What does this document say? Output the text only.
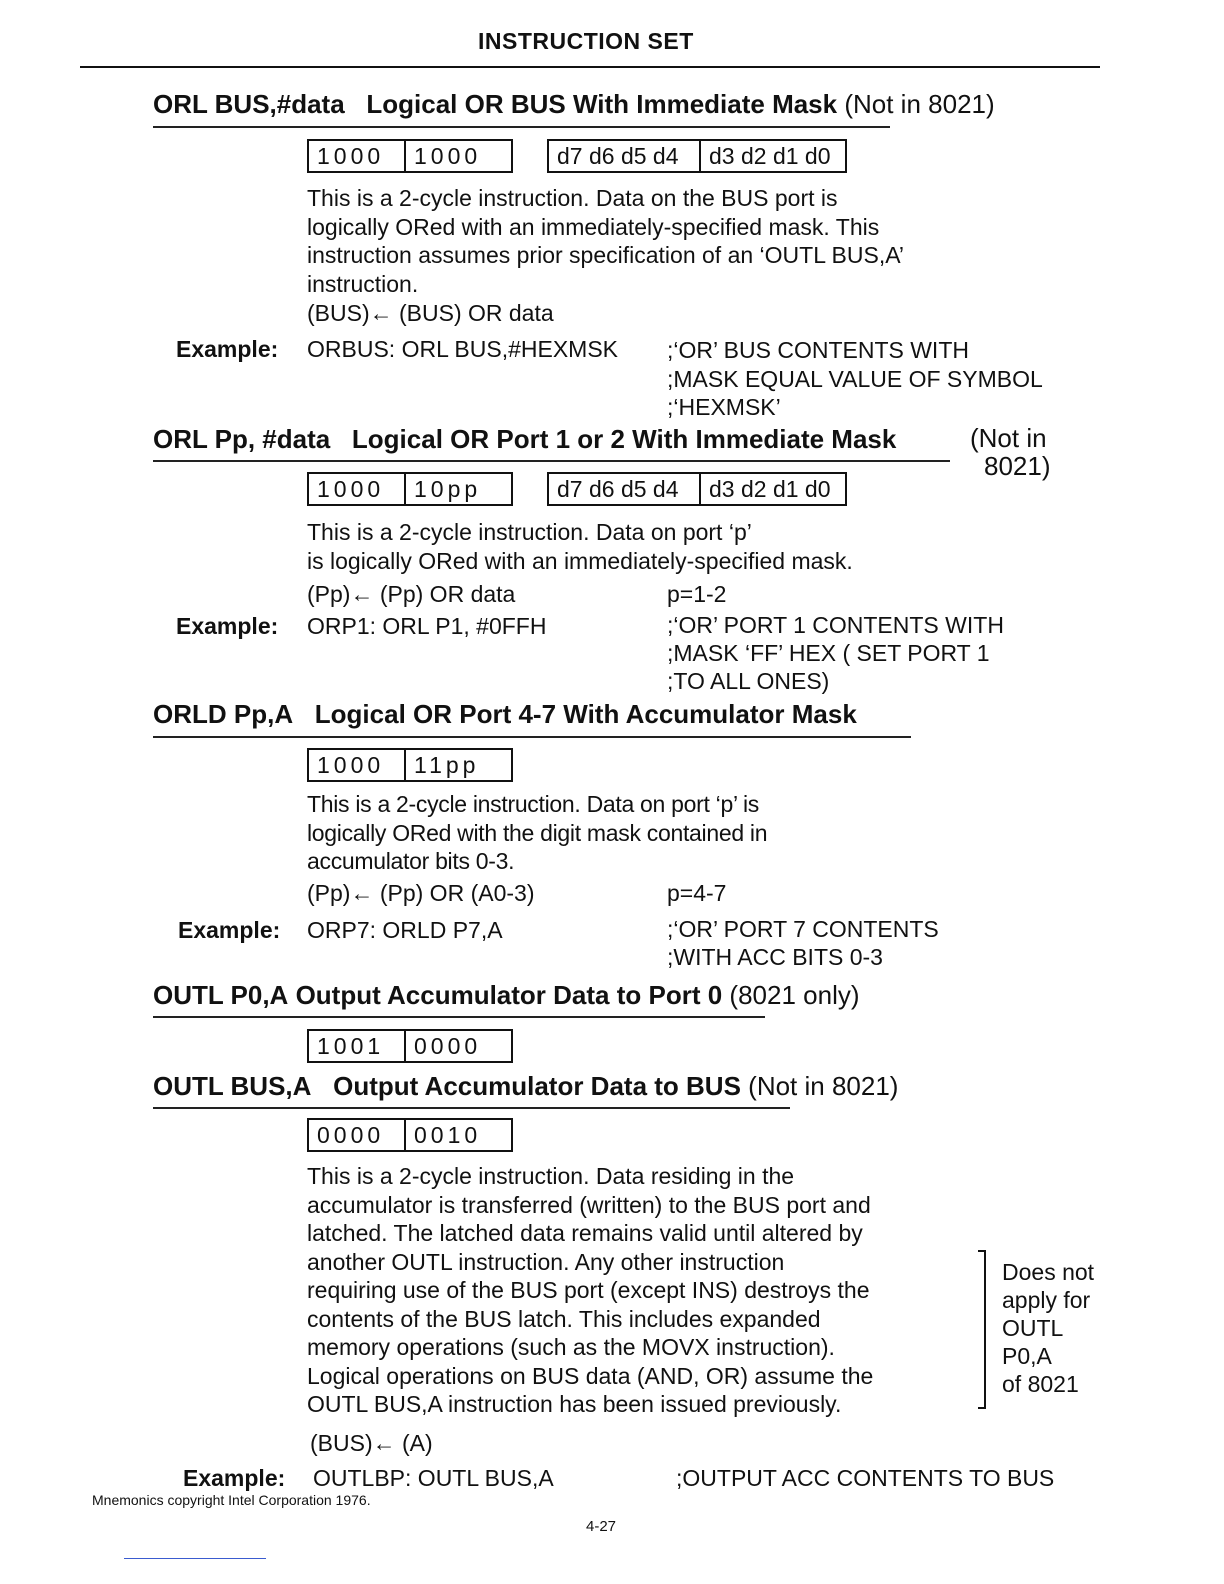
INSTRUCTION SET
ORL BUS,#data Logical OR BUS With Immediate Mask (Not in 8021)
1000	1000	d7 d6 d5 d4	d3 d2 d1 d0
This is a 2-cycle instruction. Data on the BUS port is
logically ORed with an immediately-specified mask. This
instruction assumes prior specification of an ‘OUTL BUS,A’
instruction.
(BUS)← (BUS) OR data
Example: ORBUS: ORL BUS,#HEXMSK ;‘OR’ BUS CONTENTS WITH
;MASK EQUAL VALUE OF SYMBOL
;‘HEXMSK’
ORL Pp, #data Logical OR Port 1 or 2 With Immediate Mask	(Not in
8021)
1000	10pp	d7 d6 d5 d4	d3 d2 d1 d0
This is a 2-cycle instruction. Data on port ‘p’
is logically ORed with an immediately-specified mask.
(Pp)← (Pp) OR data	p=1-2
Example: ORP1: ORL P1, #0FFH	;‘OR’ PORT 1 CONTENTS WITH
;MASK ‘FF’ HEX ( SET PORT 1
;TO ALL ONES)
ORLD Pp,A Logical OR Port 4-7 With Accumulator Mask
1000	11pp
This is a 2-cycle instruction. Data on port ‘p’ is
logically ORed with the digit mask contained in
accumulator bits 0-3.
(Pp)← (Pp) OR (A0-3)	p=4-7
Example: ORP7: ORLD P7,A	;‘OR’ PORT 7 CONTENTS
;WITH ACC BITS 0-3
OUTL P0,A Output Accumulator Data to Port 0 (8021 only)
1001	0000
OUTL BUS,A Output Accumulator Data to BUS (Not in 8021)
0000	0010
This is a 2-cycle instruction. Data residing in the
accumulator is transferred (written) to the BUS port and
latched. The latched data remains valid until altered by
another OUTL instruction. Any other instruction
requiring use of the BUS port (except INS) destroys the
contents of the BUS latch. This includes expanded
memory operations (such as the MOVX instruction).
Logical operations on BUS data (AND, OR) assume the
OUTL BUS,A instruction has been issued previously.
Does not
apply for
OUTL
P0,A
of 8021
(BUS)← (A)
Example: OUTLBP: OUTL BUS,A	;OUTPUT ACC CONTENTS TO BUS
Mnemonics copyright Intel Corporation 1976.
4-27
